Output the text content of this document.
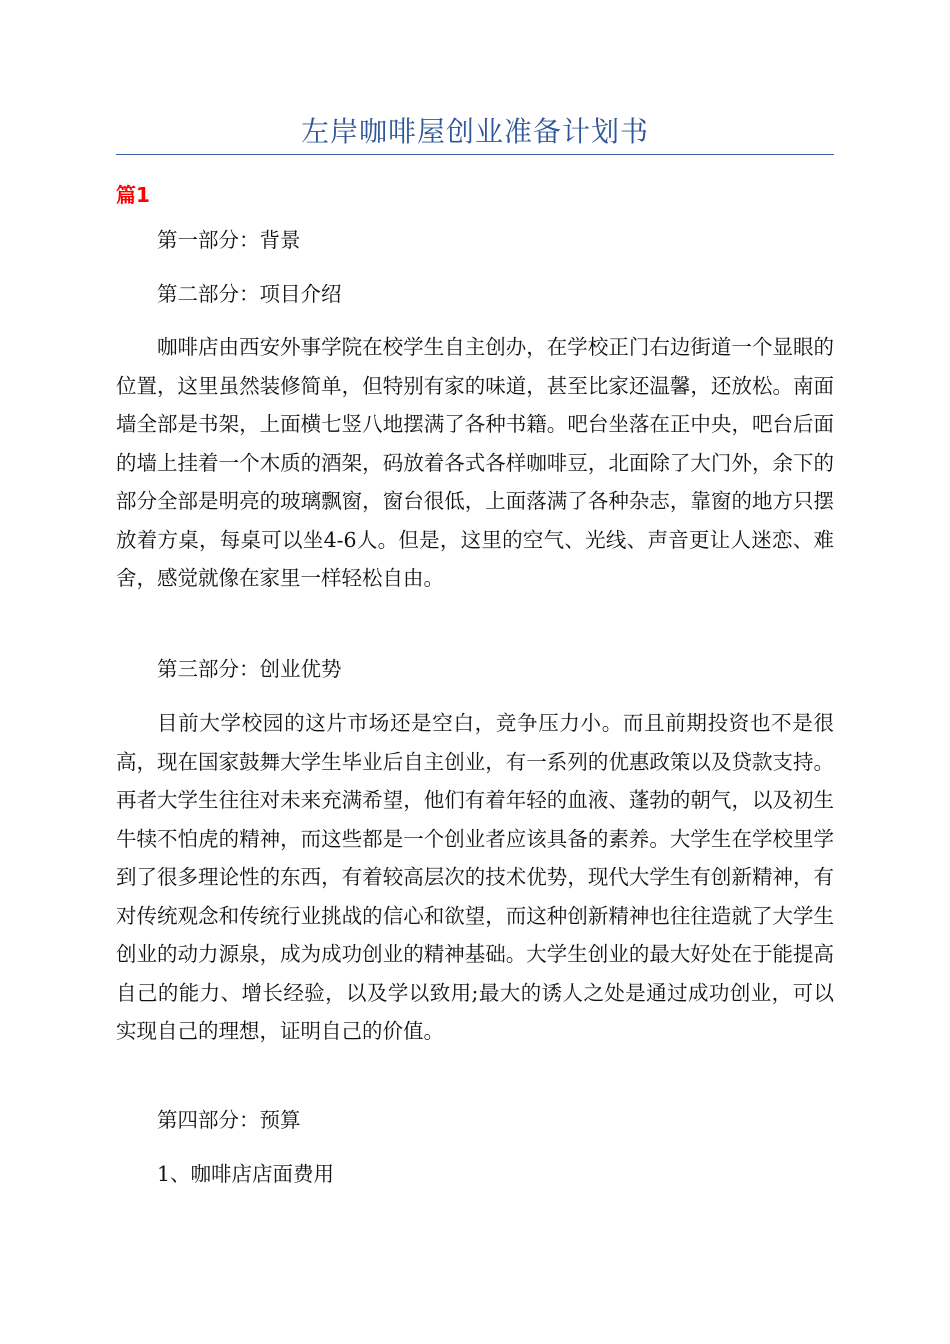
左岸咖啡屋创业准备计划书
篇1

第一部分：背景

第二部分：项目介绍

咖啡店由西安外事学院在校学生自主创办，在学校正门右边街道一个显眼的位置，这里虽然装修简单，但特别有家的味道，甚至比家还温馨，还放松。南面墙全部是书架，上面横七竖八地摆满了各种书籍。吧台坐落在正中央，吧台后面的墙上挂着一个木质的酒架，码放着各式各样咖啡豆，北面除了大门外，余下的部分全部是明亮的玻璃飘窗，窗台很低，上面落满了各种杂志，靠窗的地方只摆放着方桌，每桌可以坐4-6人。但是，这里的空气、光线、声音更让人迷恋、难舍，感觉就像在家里一样轻松自由。

第三部分：创业优势

目前大学校园的这片市场还是空白，竞争压力小。而且前期投资也不是很高，现在国家鼓舞大学生毕业后自主创业，有一系列的优惠政策以及贷款支持。再者大学生往往对未来充满希望，他们有着年轻的血液、蓬勃的朝气，以及初生牛犊不怕虎的精神，而这些都是一个创业者应该具备的素养。大学生在学校里学到了很多理论性的东西，有着较高层次的技术优势，现代大学生有创新精神，有对传统观念和传统行业挑战的信心和欲望，而这种创新精神也往往造就了大学生创业的动力源泉，成为成功创业的精神基础。大学生创业的最大好处在于能提高自己的能力、增长经验，以及学以致用;最大的诱人之处是通过成功创业，可以实现自己的理想，证明自己的价值。

第四部分：预算

1、咖啡店店面费用
